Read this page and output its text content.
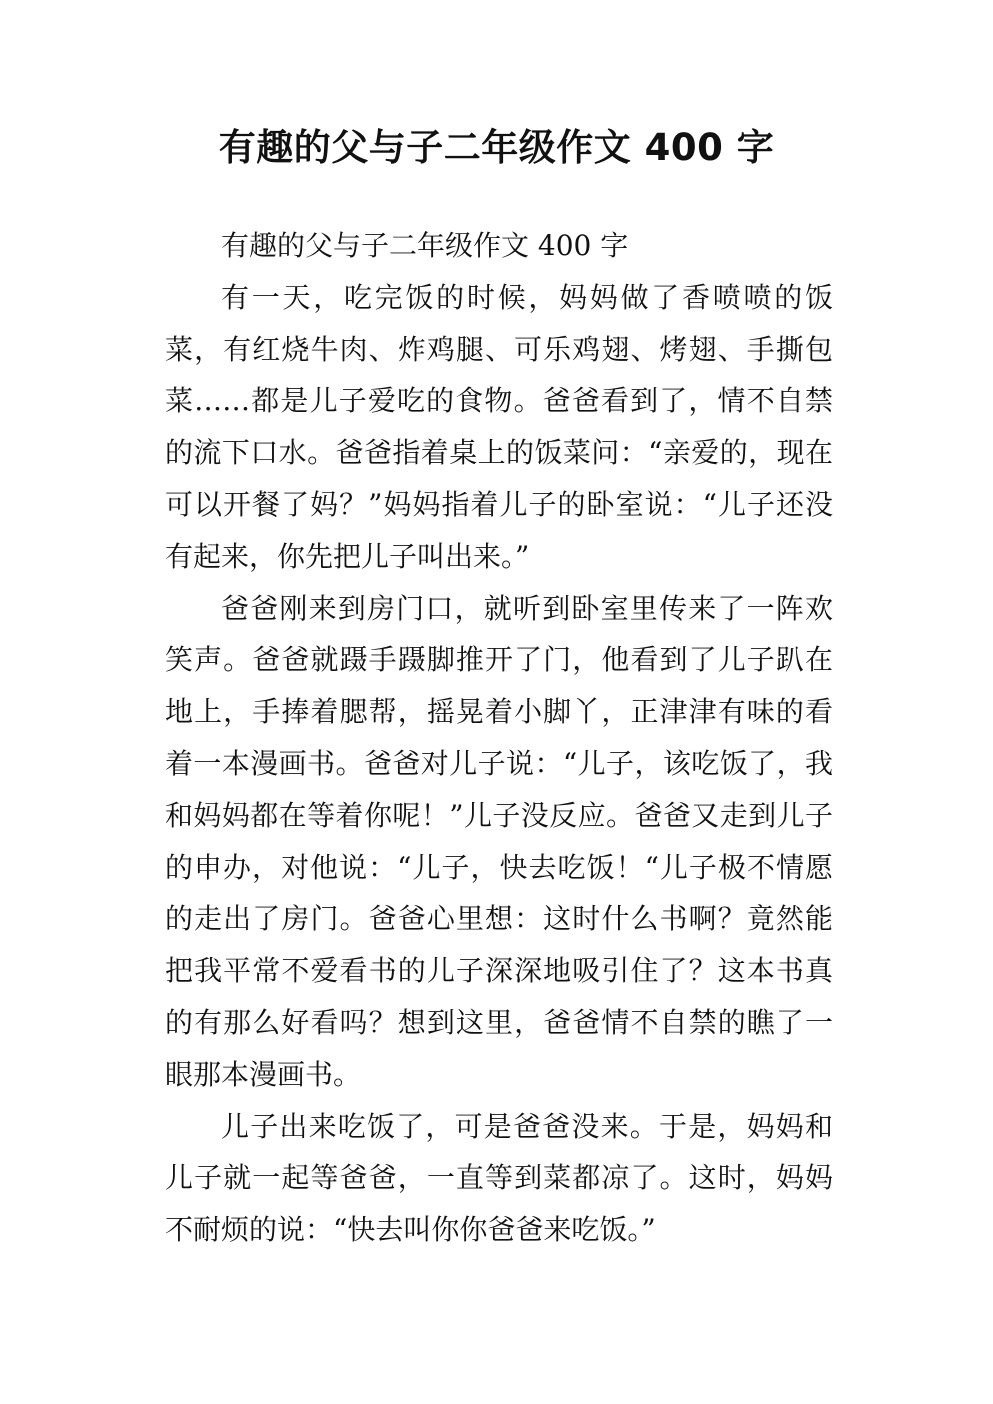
有趣的父与子二年级作文 400 字

有趣的父与子二年级作文 400 字

有一天，吃完饭的时候，妈妈做了香喷喷的饭菜，有红烧牛肉、炸鸡腿、可乐鸡翅、烤翅、手撕包菜……都是儿子爱吃的食物。爸爸看到了，情不自禁的流下口水。爸爸指着桌上的饭菜问：“亲爱的，现在可以开餐了妈？”妈妈指着儿子的卧室说：“儿子还没有起来，你先把儿子叫出来。”

爸爸刚来到房门口，就听到卧室里传来了一阵欢笑声。爸爸就蹑手蹑脚推开了门，他看到了儿子趴在地上，手捧着腮帮，摇晃着小脚丫，正津津有味的看着一本漫画书。爸爸对儿子说：“儿子，该吃饭了，我和妈妈都在等着你呢！”儿子没反应。爸爸又走到儿子的申办，对他说：“儿子，快去吃饭！“儿子极不情愿的走出了房门。爸爸心里想：这时什么书啊？竟然能把我平常不爱看书的儿子深深地吸引住了？这本书真的有那么好看吗？想到这里，爸爸情不自禁的瞧了一眼那本漫画书。

儿子出来吃饭了，可是爸爸没来。于是，妈妈和儿子就一起等爸爸，一直等到菜都凉了。这时，妈妈不耐烦的说：“快去叫你你爸爸来吃饭。”
